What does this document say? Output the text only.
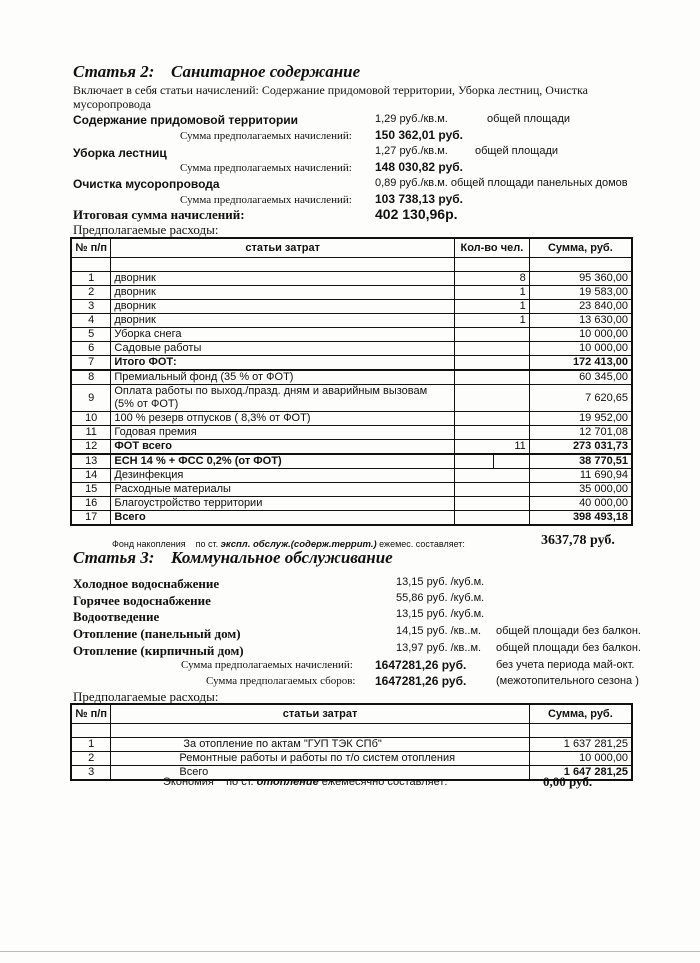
Статья 2: Санитарное содержание
Включает в себя статьи начислений: Содержание придомовой территории, Уборка лестниц, Очистка
мусоропровода
Содержание придомовой территории	1,29 руб./кв.м.	общей площади
Сумма предполагаемых начислений: 150 362,01 руб.
Уборка лестниц	1,27 руб./кв.м. общей площади
Сумма предполагаемых начислений: 148 030,82 руб.
Очистка мусоропровода	0,89 руб./кв.м. общей площади панельных домов
Сумма предполагаемых начислений: 103 738,13 руб.
Итоговая сумма начислений:	402 130,96р.
Предполагаемые расходы:
№ п/п	статьи затрат	Кол-во чел.	Сумма, руб.

1	дворник	8	95 360,00
2	дворник	1	19 583,00
3	дворник	1	23 840,00
4	дворник	1	13 630,00
5	Уборка снега		10 000,00
6	Садовые работы		10 000,00
7	Итого ФОТ:		172 413,00
8	Премиальный фонд (35 % от ФОТ)		60 345,00
9	Оплата работы по выход./празд. дням и аварийным вызовам
(5% от ФОТ)		7 620,65
10	100 % резерв отпусков ( 8,3% от ФОТ)		19 952,00
11	Годовая премия		12 701,08
12	ФОТ всего	11	273 031,73
13	ЕСН 14 % + ФСС 0,2% (от ФОТ)		38 770,51
14	Дезинфекция		11 690,94
15	Расходные материалы		35 000,00
16	Благоустройство территории		40 000,00
17	Всего		398 493,18
Фонд накопления по ст. экспл. обслуж.(содерж.террит.) ежемес. составляет:	3637,78 руб.
Статья 3: Коммунальное обслуживание
Холодное водоснабжение	13,15 руб. /куб.м.
Горячее водоснабжение	55,86 руб. /куб.м.
Водоотведение	13,15 руб. /куб.м.
Отопление (панельный дом)	14,15 руб. /кв..м. общей площади без балкон.
Отопление (кирпичный дом)	13,97 руб. /кв..м. общей площади без балкон.
Сумма предполагаемых начислений: 1647281,26 руб.	без учета периода май-окт.
Сумма предполагаемых сборов: 1647281,26 руб.	(межотопительного сезона )
Предполагаемые расходы:
№ п/п	статьи затрат	Сумма, руб.

1	За отопление по актам "ГУП ТЭК СПб"	1 637 281,25
2	Ремонтные работы и работы по т/о систем отопления	10 000,00
3	Всего	1 647 281,25
Экономия по ст. отопление ежемесячно составляет:	0,00 руб.
